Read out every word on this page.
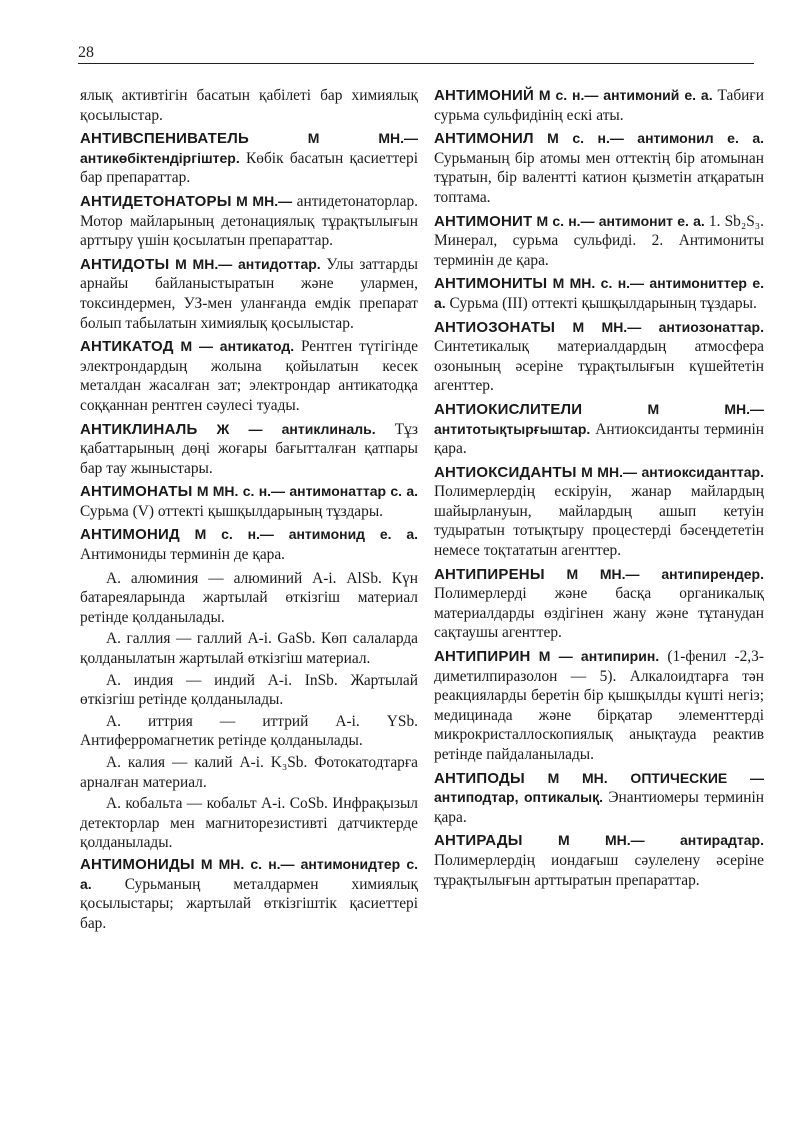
28

ялық активтігін басатын қабілеті бар химиялық қосылыстар.

АНТИВСПЕНИВАТЕЛЬ	М МН.— антикөбіктендіргіштер. Көбік басатын қасиеттері бар препараттар.

АНТИДЕТОНАТОРЫ М МН.— антидетонаторлар. Мотор майларының детонациялық тұрақтылығын арттыру үшін қосылатын препараттар.

АНТИДОТЫ М МН.— антидоттар. Улы заттарды арнайы байланыстыратын және улармен, токсиндермен, УЗ-мен уланғанда емдік препарат болып табылатын химиялық қосылыстар.

АНТИКАТОД М — антикатод. Рентген түтігінде электрондардың жолына қойылатын кесек металдан жасалған зат; электрондар антикатодқа соққаннан рентген сәулесі туады.

АНТИКЛИНАЛЬ Ж — антиклиналь. Тұз қабаттарының дөңі жоғары бағытталған қатпары бар тау жыныстары.

АНТИМОНАТЫ М МН. с. н.— антимонаттар с. а. Сурьма (V) оттекті қышқылдарының тұздары.

АНТИМОНИД М с. н.— антимонид е. а. Антимониды терминін де қара.

А. алюминия — алюминий А-і. AlSb. Күн батареяларында жартылай өткізгіш материал ретінде қолданылады.

А. галлия — галлий А-і. GaSb. Көп салаларда қолданылатын жартылай өткізгіш материал.

А. индия — индий А-і. InSb. Жартылай өткізгіш ретінде қолданылады.

А. иттрия — иттрий А-і. YSb. Антиферромагнетик ретінде қолданылады.

А. калия — калий А-і. K₃Sb. Фотокатодтарға арналған материал.

А. кобальта — кобальт А-і. CoSb. Инфрақызыл детекторлар мен магниторезистивті датчиктерде қолданылады.

АНТИМОНИДЫ М МН. с. н.— антимонидтер с. а. Сурьманың металдармен химиялық қосылыстары; жартылай өткізгіштік қасиеттері бар.

АНТИМОНИЙ М с. н.— антимоний е. а. Табиғи сурьма сульфидінің ескі аты.

АНТИМОНИЛ М с. н.— антимонил е. а. Сурьманың бір атомы мен оттектің бір атомынан тұратын, бір валентті катион қызметін атқаратын топтама.

АНТИМОНИТ М с. н.— антимонит е. а. 1. Sb₂S₃. Минерал, сурьма сульфиді. 2. Антимониты терминін де қара.

АНТИМОНИТЫ М МН. с. н.— антимониттер е. а. Сурьма (III) оттекті қышқылдарының тұздары.

АНТИОЗОНАТЫ М МН.— антиозонаттар. Синтетикалық материалдардың атмосфера озонының әсеріне тұрақтылығын күшейтетін агенттер.

АНТИОКИСЛИТЕЛИ	М МН.— антитотықтырғыштар. Антиоксиданты терминін қара.

АНТИОКСИДАНТЫ М МН.— антиоксиданттар. Полимерлердің ескіруін, жанар майлардың шайырлануын, майлардың ашып кетуін тудыратын тотықтыру процестерді бәсеңдететін немесе тоқтататын агенттер.

АНТИПИРЕНЫ М МН.— антипирендер. Полимерлерді және басқа органикалық материалдарды өздігінен жану және тұтанудан сақтаушы агенттер.

АНТИПИРИН М — антипирин. (1-фенил -2,3-диметилпиразолон — 5). Алкалоидтарға тән реакцияларды беретін бір қышқылды күшті негіз; медицинада және бірқатар элементтерді микрокристаллоскопиялық анықтауда реактив ретінде пайдаланылады.

АНТИПОДЫ М МН. ОПТИЧЕСКИЕ — антиподтар, оптикалық. Энантиомеры терминін қара.

АНТИРАДЫ	М МН.—	антирадтар. Полимерлердің иондағыш сәулелену әсеріне тұрақтылығын арттыратын препараттар.
